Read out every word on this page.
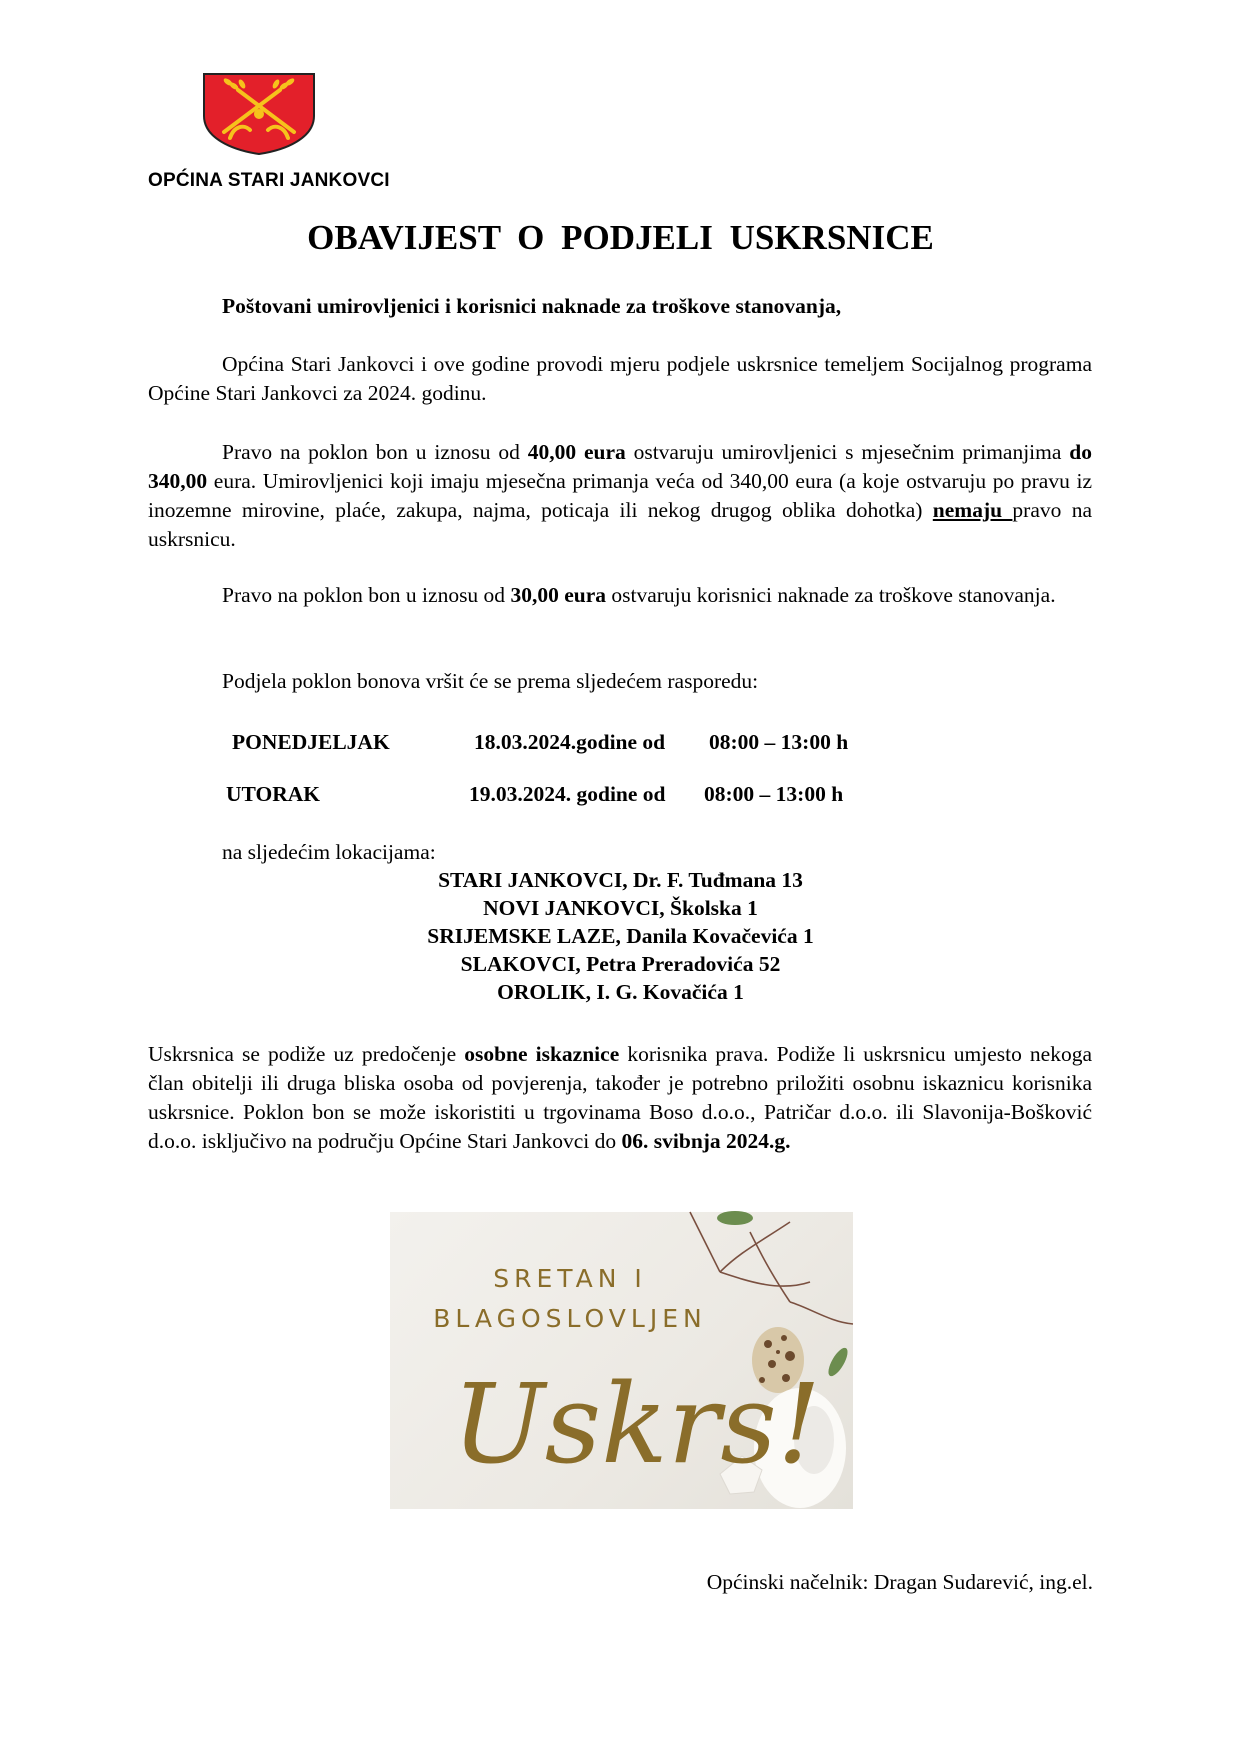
OPĆINA STARI JANKOVCI
OBAVIJEST O PODJELI USKRSNICE
Poštovani umirovljenici i korisnici naknade za troškove stanovanja,
Općina Stari Jankovci i ove godine provodi mjeru podjele uskrsnice temeljem Socijalnog programa Općine Stari Jankovci za 2024. godinu.
Pravo na poklon bon u iznosu od 40,00 eura ostvaruju umirovljenici s mjesečnim primanjima do 340,00 eura. Umirovljenici koji imaju mjesečna primanja veća od 340,00 eura (a koje ostvaruju po pravu iz inozemne mirovine, plaće, zakupa, najma, poticaja ili nekog drugog oblika dohotka) nemaju pravo na uskrsnicu.
Pravo na poklon bon u iznosu od 30,00 eura ostvaruju korisnici naknade za troškove stanovanja.
Podjela poklon bonova vršit će se prema sljedećem rasporedu:
PONEDJELJAK	18.03.2024.godine od 08:00 – 13:00 h
UTORAK	19.03.2024. godine od 08:00 – 13:00 h
na sljedećim lokacijama:
STARI JANKOVCI, Dr. F. Tuđmana 13
NOVI JANKOVCI, Školska 1
SRIJEMSKE LAZE, Danila Kovačevića 1
SLAKOVCI, Petra Preradovića 52
OROLIK, I. G. Kovačića 1
Uskrsnica se podiže uz predočenje osobne iskaznice korisnika prava. Podiže li uskrsnicu umjesto nekoga član obitelji ili druga bliska osoba od povjerenja, također je potrebno priložiti osobnu iskaznicu korisnika uskrsnice. Poklon bon se može iskoristiti u trgovinama Boso d.o.o., Patričar d.o.o. ili Slavonija-Bošković d.o.o. isključivo na području Općine Stari Jankovci do 06. svibnja 2024.g.
SRETAN I
BLAGOSLOVLJEN
Uskrs!
Općinski načelnik: Dragan Sudarević, ing.el.
